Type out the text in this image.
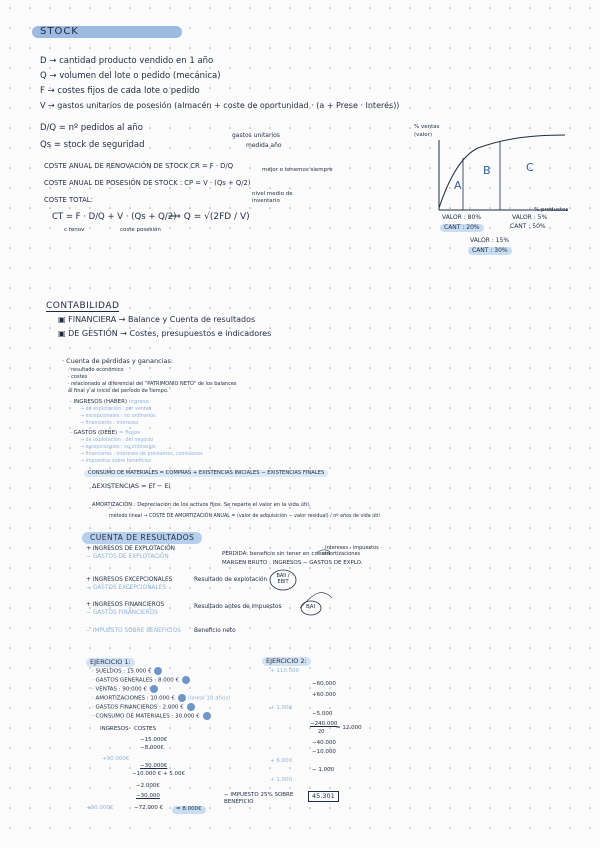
STOCK
D → cantidad producto vendido en 1 año
Q → volumen del lote o pedido (mecánica)
F → costes fijos de cada lote o pedido
V → gastos unitarios de posesión (almacén + coste de oportunidad · (a + Prese · Interés))
D/Q = nº pedidos al año
Qs = stock de seguridad
gastos unitarios
medida año
COSTE ANUAL DE RENOVACIÓN DE STOCK CR = F · D/Q
COSTE ANUAL DE POSESIÓN DE STOCK : CP = V · (Qs + Q/2)
mejor o tenemos siempre
nivel medio de inventario
COSTE TOTAL:
CT = F · D/Q + V · (Qs + Q/2)
c.renov	coste posesión
⟹ Q = √(2FD / V)
% ventas
(valor)
% productos
A
B	C
VALOR : 80%
CANT : 20%
VALOR : 15%
CANT : 30%
VALOR : 5%
CANT : 50%
CONTABILIDAD
▣ FINANCIERA → Balance y Cuenta de resultados
▣ DE GESTIÓN → Costes, presupuestos e indicadores
· Cuenta de pérdidas y ganancias:
· resultado económico
· costes
· relacionado al diferencial del "PATRIMONIO NETO" de los balances
al final y al inicio del periodo de tiempo.
· INGRESOS (HABER) ingreso
→ de explotación : por ventas
→ excepcionales : no ordinarios
→ financieros : intereses
· GASTOS (DEBE) = flujos
→ de explotación : del negocio
→ excepcionales : no ordinarios
→ financieros : intereses de préstamos, comisiones
→ impuestos sobre beneficios
CONSUMO DE MATERIALES = COMPRAS + EXISTENCIAS INICIALES − EXISTENCIAS FINALES
ΔEXISTENCIAS = Ef − Ei
AMORTIZACIÓN : Depreciación de los activos fijos. Se reparte el valor en la vida útil.
· método lineal → COSTE DE AMORTIZACIÓN ANUAL = (valor de adquisición − valor residual) / nº años de vida útil
CUENTA DE RESULTADOS
+ INGRESOS DE EXPLOTACIÓN
− GASTOS DE EXPLOTACIÓN	PÉRDIDA: beneficio sin tener en cuenta
· intereses · impuestos · amortizaciones
MARGEN BRUTO : INGRESOS − GASTOS DE EXPLO.
+ INGRESOS EXCEPCIONALES
− GASTOS EXCEPCIONALES
Resultado de explotación
BAII / EBIT
+ INGRESOS FINANCIEROS
− GASTOS FINANCIEROS
Resultado antes de impuestos	BAI
− IMPUESTO SOBRE BENEFICIOS Beneficio neto
EJERCICIO 1:
· SUELDOS : 15.000 €
· GASTOS GENERALES : 8.000 €
· VENTAS : 90.000 €
· AMORTIZACIONES : 10.000 € (lineal 10 años)
· GASTOS FINANCIEROS : 2.000 €
· CONSUMO DE MATERIALES : 30.000 €
INGRESOS COSTES
−15.000€
−8.000€
+90.000€
−30.000€
−10.000 € + 5.00€
−2.000€
−30.000
+90.000€	−72.000 €	= 8.000€
EJERCICIO 2:
+ 110.000
−60.000
+60.000
+ 1.000
−5.000
−240.000
20
= 12.000
−40.000
−10.000
+ 6.000
− 1.000
+ 1.000
− IMPUESTO 25% SOBRE BENEFICIO
45.301
